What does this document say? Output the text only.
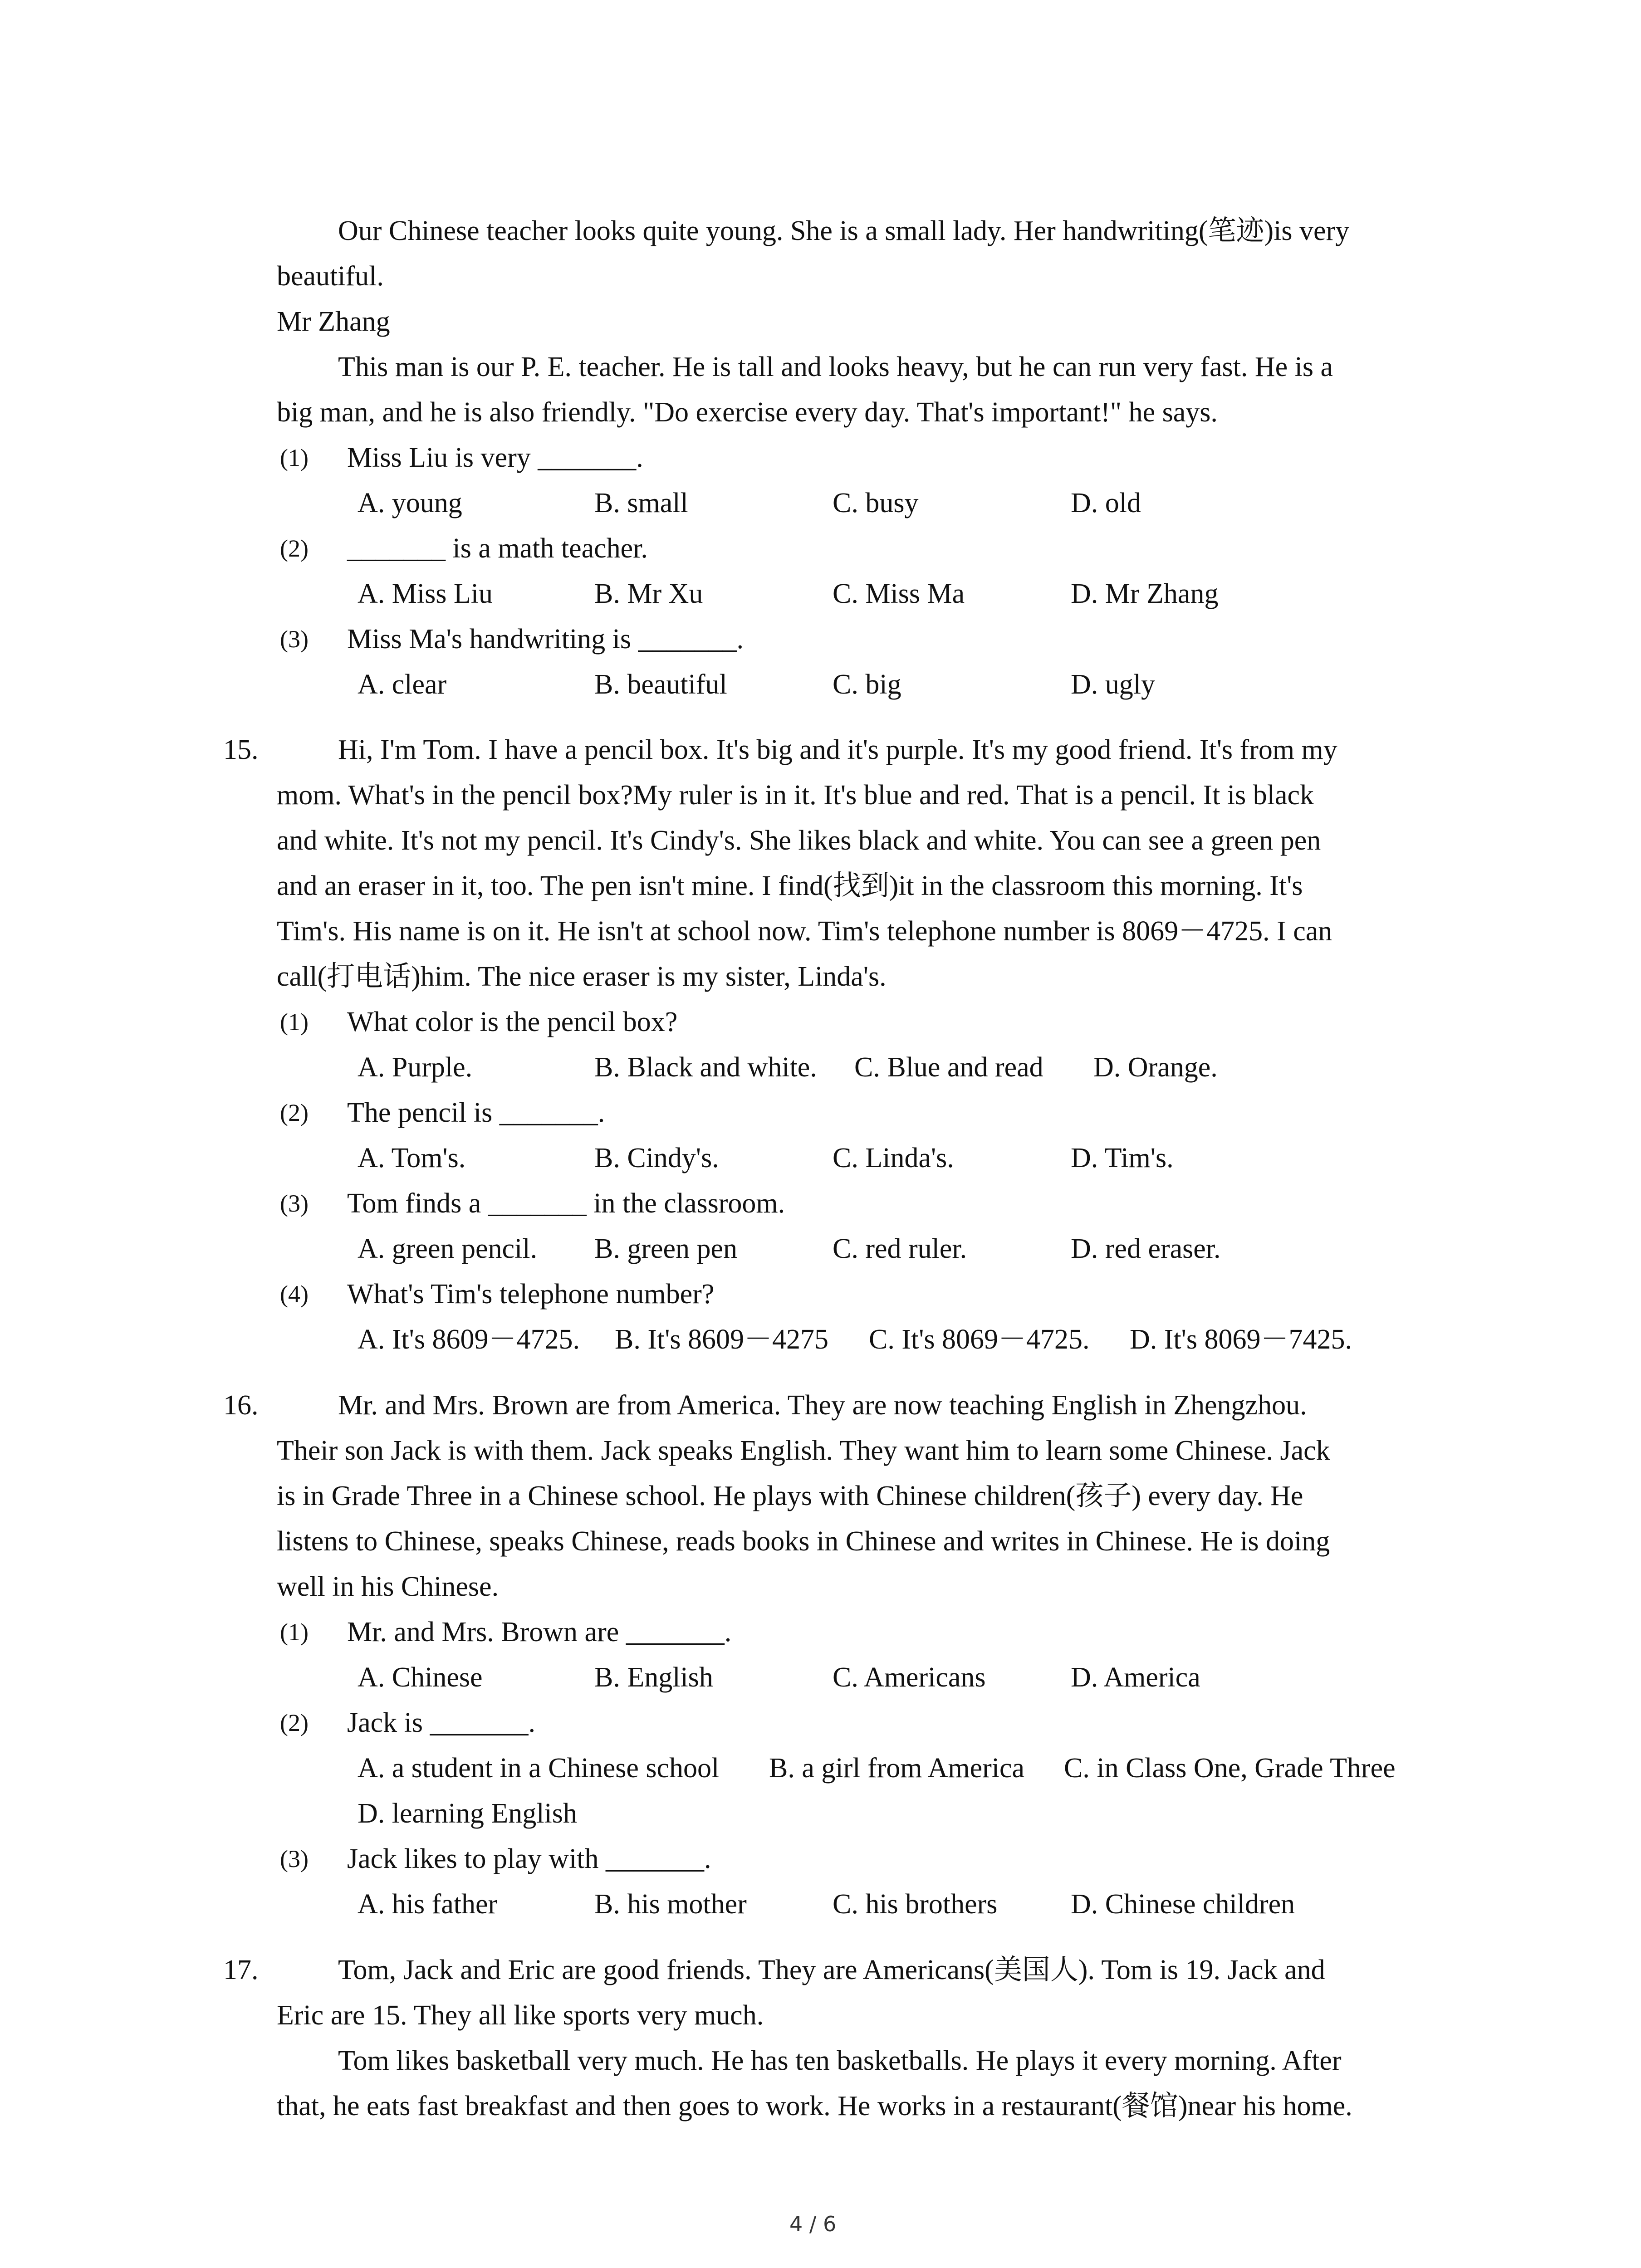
Our Chinese teacher looks quite young. She is a small lady. Her handwriting(笔迹)is very
beautiful.
Mr Zhang
This man is our P. E. teacher. He is tall and looks heavy, but he can run very fast. He is a
big man, and he is also friendly. "Do exercise every day. That's important!" he says.
(1) Miss Liu is very _______.
A. young	B. small	C. busy	D. old
(2) _______ is a math teacher.
A. Miss Liu	B. Mr Xu	C. Miss Ma	D. Mr Zhang
(3) Miss Ma's handwriting is _______.
A. clear	B. beautiful	C. big	D. ugly
15.	Hi, I'm Tom. I have a pencil box. It's big and it's purple. It's my good friend. It's from my
mom. What's in the pencil box?My ruler is in it. It's blue and red. That is a pencil. It is black
and white. It's not my pencil. It's Cindy's. She likes black and white. You can see a green pen
and an eraser in it, too. The pen isn't mine. I find(找到)it in the classroom this morning. It's
Tim's. His name is on it. He isn't at school now. Tim's telephone number is 8069－4725. I can
call(打电话)him. The nice eraser is my sister, Linda's.
(1) What color is the pencil box?
A. Purple.	B. Black and white. C. Blue and read D. Orange.
(2) The pencil is _______.
A. Tom's.	B. Cindy's.	C. Linda's.	D. Tim's.
(3) Tom finds a _______ in the classroom.
A. green pencil. B. green pen	C. red ruler.	D. red eraser.
(4) What's Tim's telephone number?
A. It's 8609－4725. B. It's 8609－4275 C. It's 8069－4725. D. It's 8069－7425.
16.	Mr. and Mrs. Brown are from America. They are now teaching English in Zhengzhou.
Their son Jack is with them. Jack speaks English. They want him to learn some Chinese. Jack
is in Grade Three in a Chinese school. He plays with Chinese children(孩子) every day. He
listens to Chinese, speaks Chinese, reads books in Chinese and writes in Chinese. He is doing
well in his Chinese.
(1) Mr. and Mrs. Brown are _______.
A. Chinese	B. English	C. Americans	D. America
(2) Jack is _______.
A. a student in a Chinese school B. a girl from America C. in Class One, Grade Three
D. learning English
(3) Jack likes to play with _______.
A. his father	B. his mother	C. his brothers	D. Chinese children
17.	Tom, Jack and Eric are good friends. They are Americans(美国人). Tom is 19. Jack and
Eric are 15. They all like sports very much.
Tom likes basketball very much. He has ten basketballs. He plays it every morning. After
that, he eats fast breakfast and then goes to work. He works in a restaurant(餐馆)near his home.
4 / 6
